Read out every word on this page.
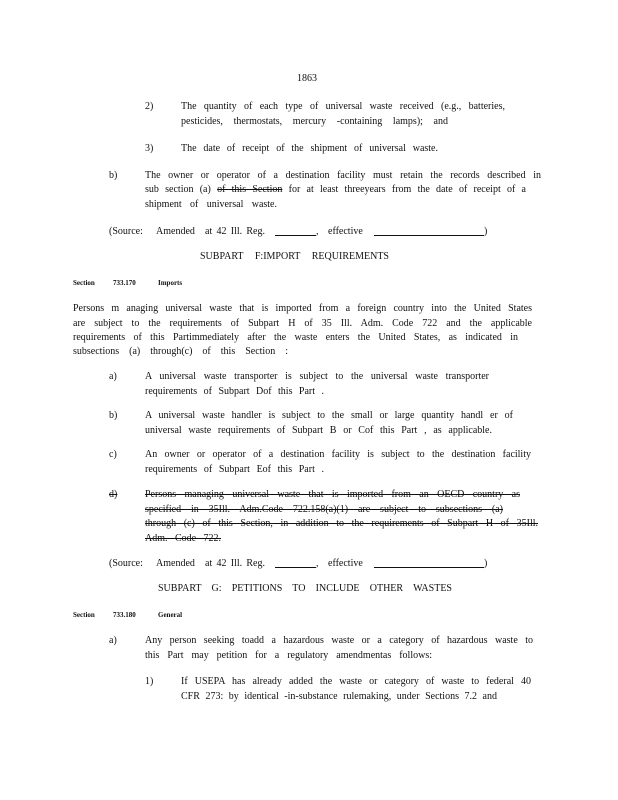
1863
2)	The quantity of each type of universal waste received (e.g., batteries,
pesticides, thermostats, mercury -containing lamps); and
3)	The date of receipt of the shipment of universal waste.
b)	The owner or operator of a destination facility must retain the records described in
sub section (a) of this Section for at least threeyears from the date of receipt of a
shipment of universal waste.
(Source: Amended at 42 Ill. Reg.	, effective	)
SUBPART F:IMPORT REQUIREMENTS
Section	733.170	Imports
Persons m anaging universal waste that is imported from a foreign country into the United States
are subject to the requirements of Subpart H of 35 Ill. Adm. Code 722 and the applicable
requirements of this Partimmediately after the waste enters the United States, as indicated in
subsections (a) through(c) of this Section :
a)	A universal waste transporter is subject to the universal waste transporter
requirements of Subpart Dof this Part .
b)	A universal waste handler is subject to the small or large quantity handl er of
universal waste requirements of Subpart B or Cof this Part , as applicable.
c)	An owner or operator of a destination facility is subject to the destination facility
requirements of Subpart Eof this Part .
d)	Persons managing universal waste that is imported from an OECD country as
specified in 35Ill. Adm.Code 722.158(a)(1) are subject to subsections (a)
through (c) of this Section, in addition to the requirements of Subpart H of 35Ill.
Adm. Code 722.
(Source: Amended at 42 Ill. Reg.	, effective	)
SUBPART G: PETITIONS TO INCLUDE OTHER WASTES
Section	733.180	General
a)	Any person seeking toadd a hazardous waste or a category of hazardous waste to
this Part may petition for a regulatory amendmentas follows:
1)	If USEPA has already added the waste or category of waste to federal 40
CFR 273: by identical -in-substance rulemaking, under Sections 7.2 and
